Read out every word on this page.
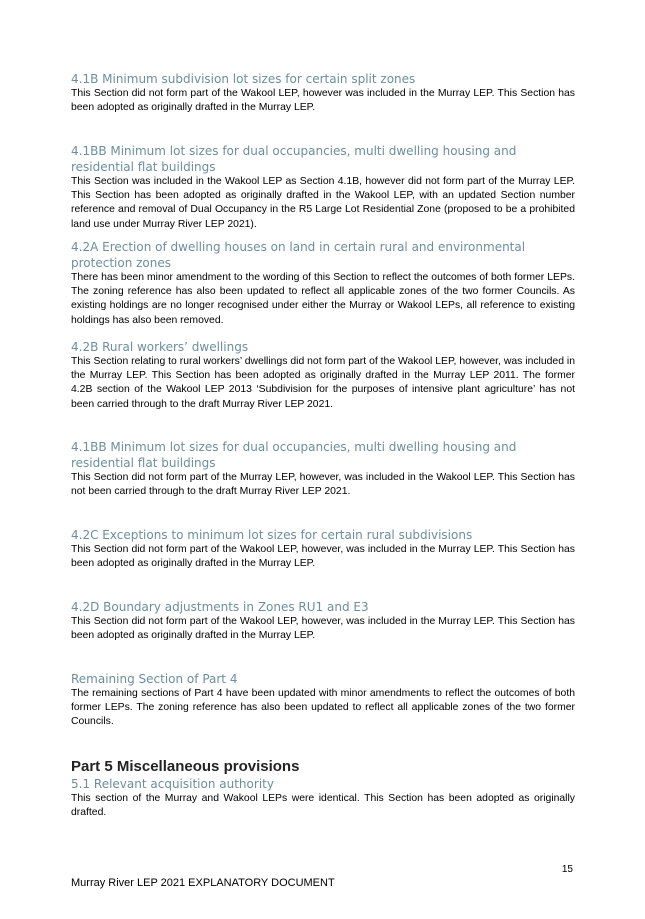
4.1B Minimum subdivision lot sizes for certain split zones

This Section did not form part of the Wakool LEP, however was included in the Murray LEP. This Section has been adopted as originally drafted in the Murray LEP.

4.1BB Minimum lot sizes for dual occupancies, multi dwelling housing and residential flat buildings

This Section was included in the Wakool LEP as Section 4.1B, however did not form part of the Murray LEP. This Section has been adopted as originally drafted in the Wakool LEP, with an updated Section number reference and removal of Dual Occupancy in the R5 Large Lot Residential Zone (proposed to be a prohibited land use under Murray River LEP 2021).

4.2A Erection of dwelling houses on land in certain rural and environmental protection zones

There has been minor amendment to the wording of this Section to reflect the outcomes of both former LEPs. The zoning reference has also been updated to reflect all applicable zones of the two former Councils. As existing holdings are no longer recognised under either the Murray or Wakool LEPs, all reference to existing holdings has also been removed.

4.2B Rural workers’ dwellings

This Section relating to rural workers’ dwellings did not form part of the Wakool LEP, however, was included in the Murray LEP. This Section has been adopted as originally drafted in the Murray LEP 2011. The former 4.2B section of the Wakool LEP 2013 ‘Subdivision for the purposes of intensive plant agriculture’ has not been carried through to the draft Murray River LEP 2021.

4.1BB Minimum lot sizes for dual occupancies, multi dwelling housing and residential flat buildings

This Section did not form part of the Murray LEP, however, was included in the Wakool LEP. This Section has not been carried through to the draft Murray River LEP 2021.

4.2C Exceptions to minimum lot sizes for certain rural subdivisions

This Section did not form part of the Wakool LEP, however, was included in the Murray LEP. This Section has been adopted as originally drafted in the Murray LEP.

4.2D Boundary adjustments in Zones RU1 and E3

This Section did not form part of the Wakool LEP, however, was included in the Murray LEP. This Section has been adopted as originally drafted in the Murray LEP.

Remaining Section of Part 4

The remaining sections of Part 4 have been updated with minor amendments to reflect the outcomes of both former LEPs. The zoning reference has also been updated to reflect all applicable zones of the two former Councils.

Part 5 Miscellaneous provisions
5.1 Relevant acquisition authority

This section of the Murray and Wakool LEPs were identical. This Section has been adopted as originally drafted.

15
Murray River LEP 2021 EXPLANATORY DOCUMENT
